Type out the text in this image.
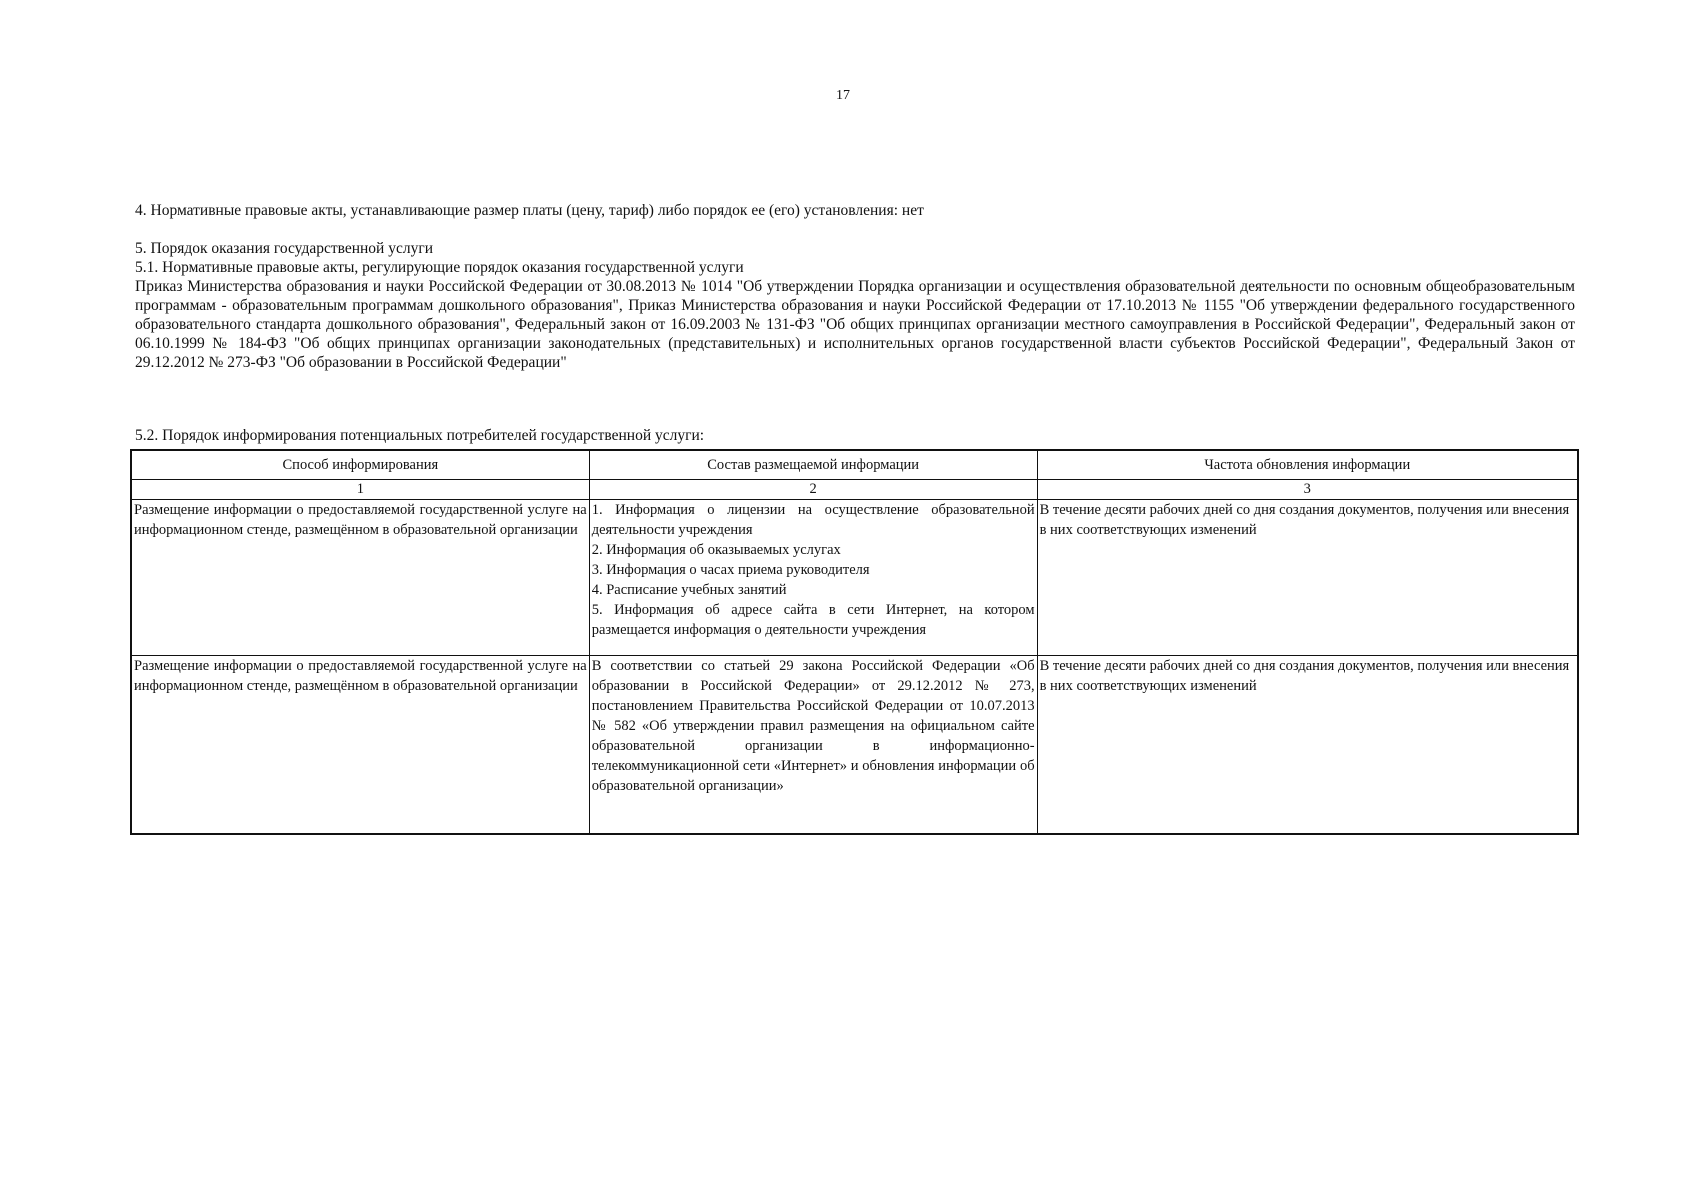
17
4. Нормативные правовые акты, устанавливающие размер платы (цену, тариф) либо порядок ее (его) установления: нет

5. Порядок оказания государственной услуги

5.1. Нормативные правовые акты, регулирующие порядок оказания государственной услуги

Приказ Министерства образования и науки Российской Федерации от 30.08.2013 № 1014 "Об утверждении Порядка организации и осуществления образовательной деятельности по основным общеобразовательным программам - образовательным программам дошкольного образования", Приказ Министерства образования и науки Российской Федерации от 17.10.2013 № 1155 "Об утверждении федерального государственного образовательного стандарта дошкольного образования", Федеральный закон от 16.09.2003 № 131-ФЗ "Об общих принципах организации местного самоуправления в Российской Федерации", Федеральный закон от 06.10.1999 № 184-ФЗ "Об общих принципах организации законодательных (представительных) и исполнительных органов государственной власти субъектов Российской Федерации", Федеральный Закон от 29.12.2012 № 273-ФЗ "Об образовании в Российской Федерации"

5.2. Порядок информирования потенциальных потребителей государственной услуги:
Способ информирования	Состав размещаемой информации	Частота обновления информации
1	2	3
Размещение информации о предоставляемой государственной услуге на информационном стенде, размещённом в образовательной организации	1. Информация о лицензии на осуществление образовательной деятельности учреждения
2. Информация об оказываемых услугах
3. Информация о часах приема руководителя
4. Расписание учебных занятий
5. Информация об адресе сайта в сети Интернет, на котором размещается информация о деятельности учреждения	В течение десяти рабочих дней со дня создания документов, получения или внесения в них соответствующих изменений
Размещение информации о предоставляемой государственной услуге на информационном стенде, размещённом в образовательной организации	В соответствии со статьей 29 закона Российской Федерации «Об образовании в Российской Федерации» от 29.12.2012 № 273, постановлением Правительства Российской Федерации от 10.07.2013 № 582 «Об утверждении правил размещения на официальном сайте образовательной организации в информационно-телекоммуникационной сети «Интернет» и обновления информации об образовательной организации»	В течение десяти рабочих дней со дня создания документов, получения или внесения в них соответствующих изменений
